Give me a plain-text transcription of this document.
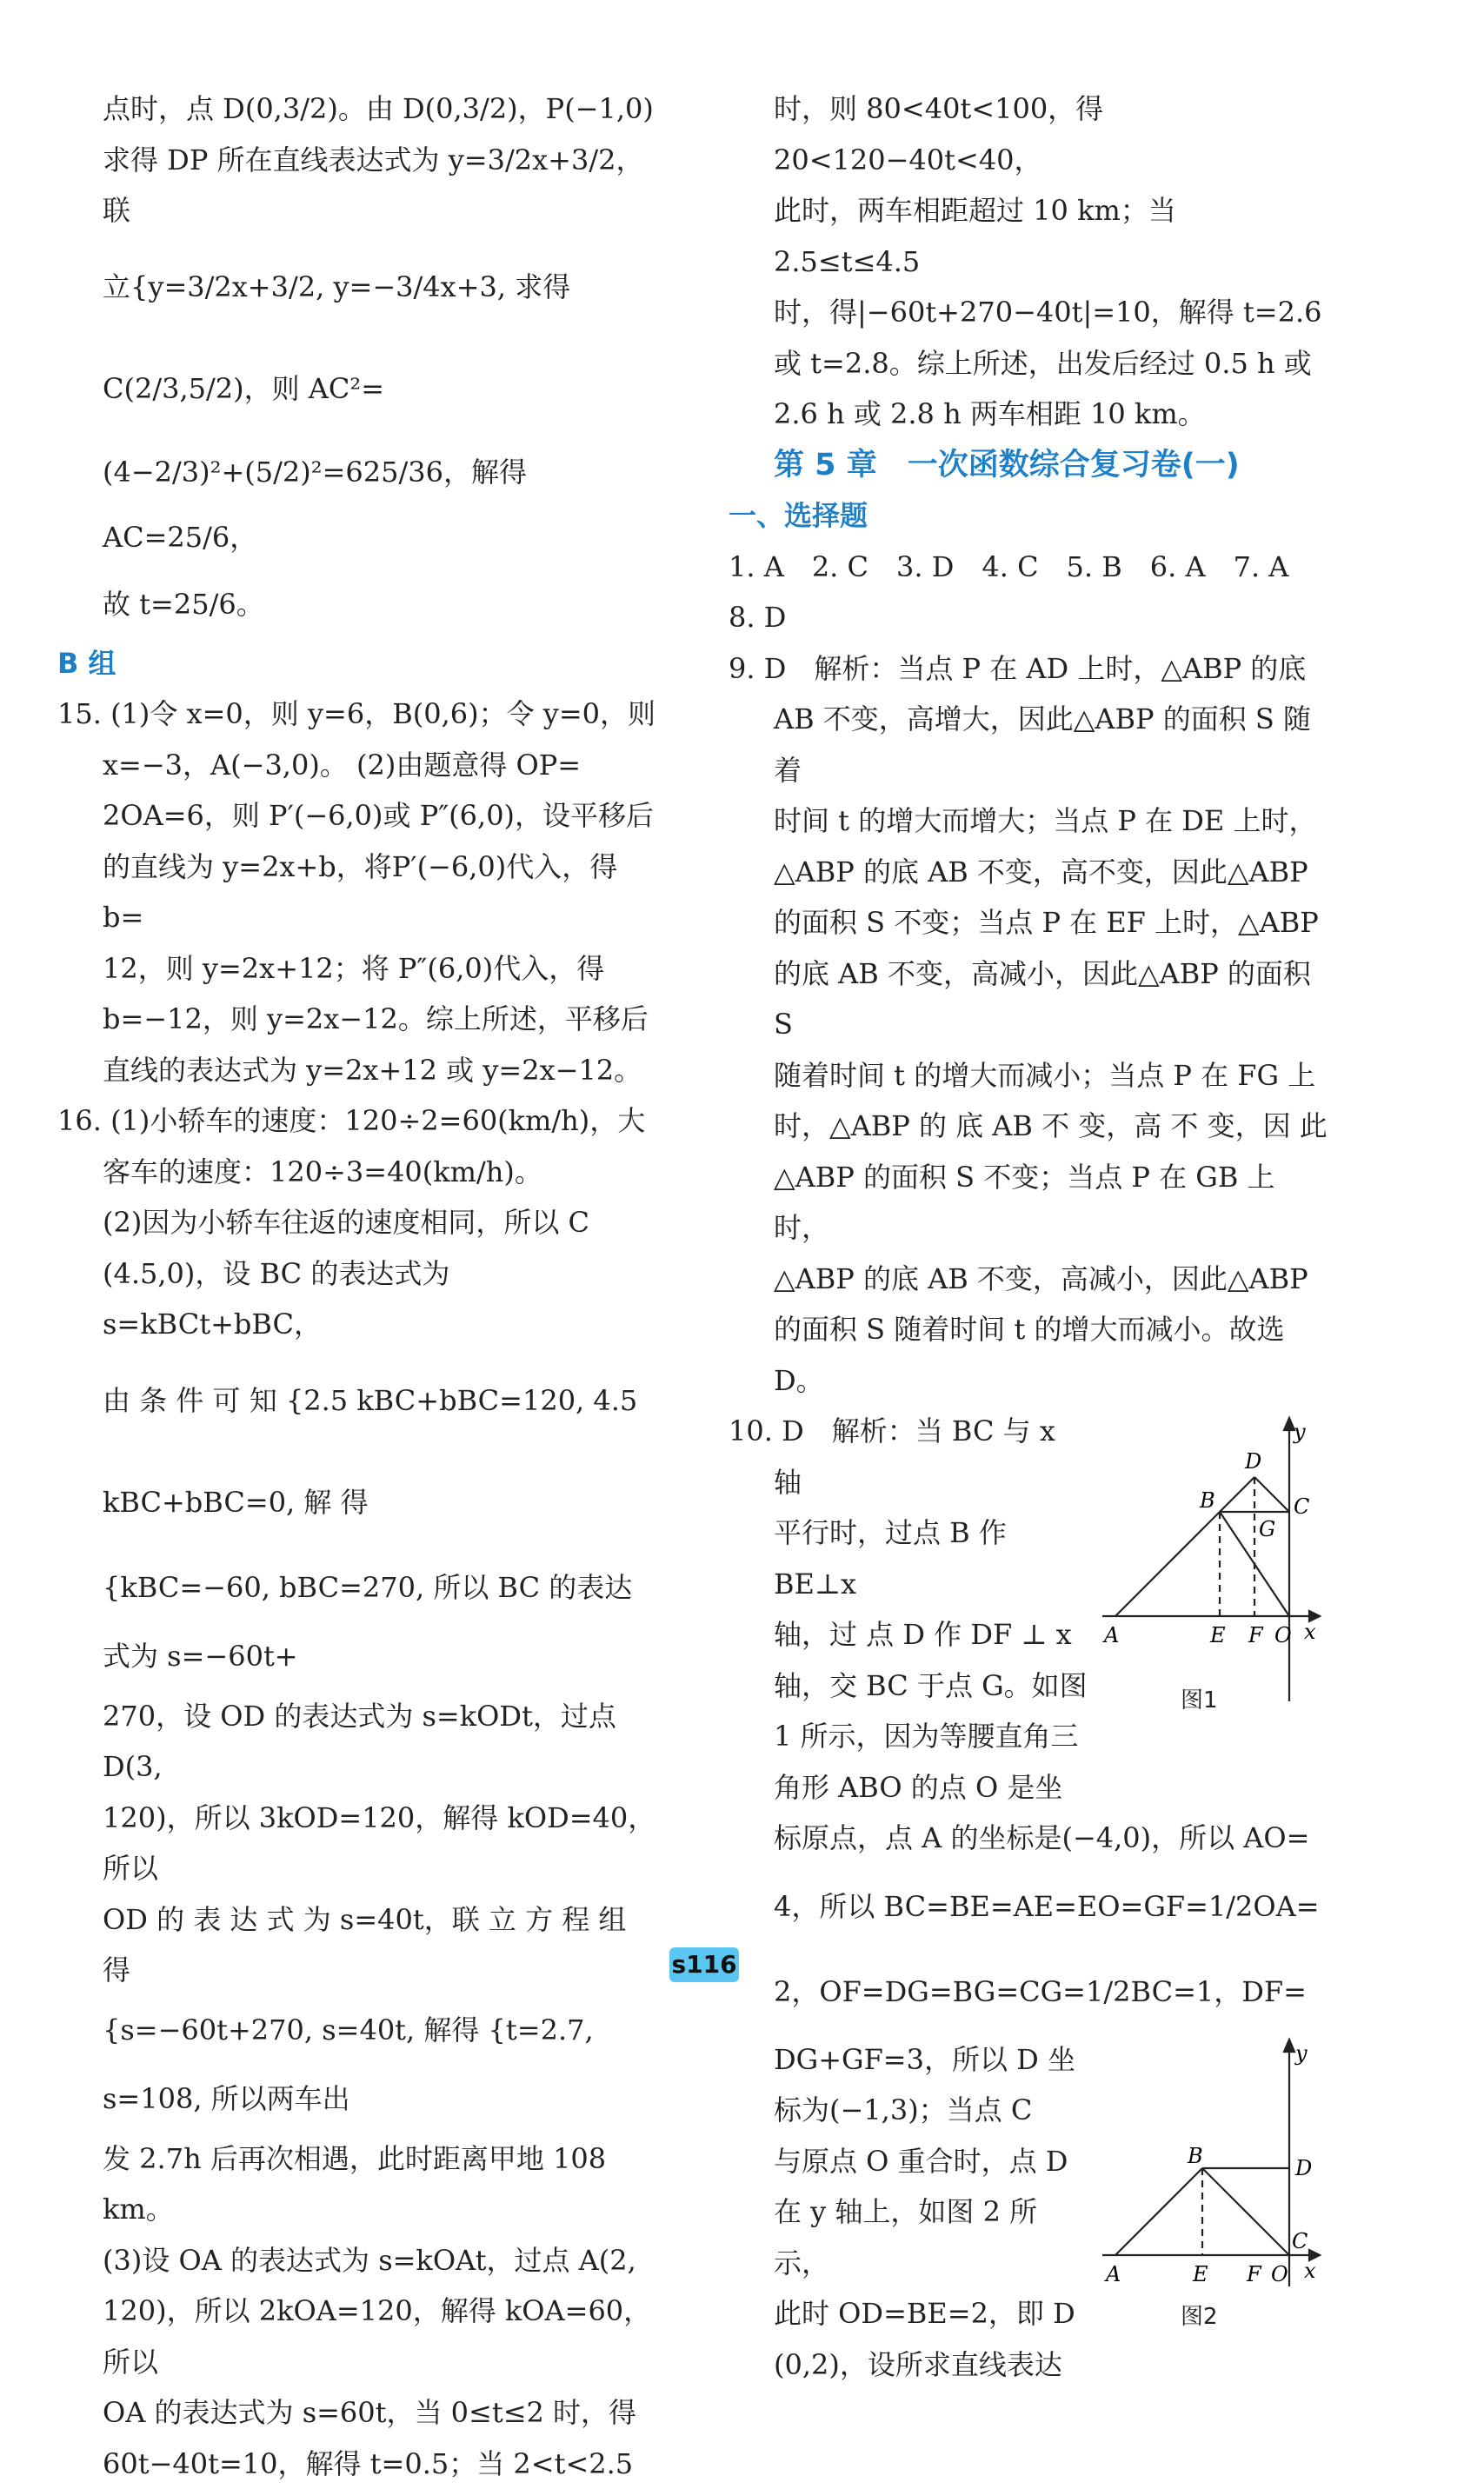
点时，点 D(0,3/2)。由 D(0,3/2)，P(−1,0)

求得 DP 所在直线表达式为 y=3/2x+3/2，联

立{y=3/2x+3/2, y=−3/4x+3, 求得 C(2/3,5/2)，则 AC²=

(4−2/3)²+(5/2)²=625/36，解得 AC=25/6，

故 t=25/6。

B 组

15. (1)令 x=0，则 y=6，B(0,6)；令 y=0，则

x=−3，A(−3,0)。 (2)由题意得 OP=

2OA=6，则 P′(−6,0)或 P″(6,0)，设平移后

的直线为 y=2x+b，将P′(−6,0)代入，得 b=

12，则 y=2x+12；将 P″(6,0)代入，得

b=−12，则 y=2x−12。综上所述，平移后

直线的表达式为 y=2x+12 或 y=2x−12。

16. (1)小轿车的速度：120÷2=60(km/h)，大

客车的速度：120÷3=40(km/h)。

(2)因为小轿车往返的速度相同，所以 C

(4.5,0)，设 BC 的表达式为 s=kBCt+bBC，

由 条 件 可 知 {2.5 kBC+bBC=120, 4.5 kBC+bBC=0, 解 得

{kBC=−60, bBC=270, 所以 BC 的表达式为 s=−60t+

270，设 OD 的表达式为 s=kODt，过点 D(3,

120)，所以 3kOD=120，解得 kOD=40，所以

OD 的 表 达 式 为 s=40t，联 立 方 程 组 得

{s=−60t+270, s=40t, 解得 {t=2.7, s=108, 所以两车出

发 2.7h 后再次相遇，此时距离甲地 108 km。

(3)设 OA 的表达式为 s=kOAt，过点 A(2,

120)，所以 2kOA=120，解得 kOA=60，所以

OA 的表达式为 s=60t，当 0≤t≤2 时，得

60t−40t=10，解得 t=0.5；当 2<t<2.5

时，则 80<40t<100，得 20<120−40t<40，

此时，两车相距超过 10 km；当 2.5≤t≤4.5

时，得|−60t+270−40t|=10，解得 t=2.6

或 t=2.8。综上所述，出发后经过 0.5 h 或

2.6 h 或 2.8 h 两车相距 10 km。

第 5 章　一次函数综合复习卷(一)

一、选择题

1. A　2. C　3. D　4. C　5. B　6. A　7. A　8. D

9. D　解析：当点 P 在 AD 上时，△ABP 的底

AB 不变，高增大，因此△ABP 的面积 S 随着

时间 t 的增大而增大；当点 P 在 DE 上时，

△ABP 的底 AB 不变，高不变，因此△ABP

的面积 S 不变；当点 P 在 EF 上时，△ABP

的底 AB 不变，高减小，因此△ABP 的面积 S

随着时间 t 的增大而减小；当点 P 在 FG 上

时，△ABP 的 底 AB 不 变，高 不 变，因 此

△ABP 的面积 S 不变；当点 P 在 GB 上时，

△ABP 的底 AB 不变，高减小，因此△ABP

的面积 S 随着时间 t 的增大而减小。故选 D。

y
x
A
B	C
D
E F
G
O
图1

10. D　解析：当 BC 与 x 轴

平行时，过点 B 作 BE⊥x

轴，过 点 D 作 DF ⊥ x

轴，交 BC 于点 G。如图

1 所示，因为等腰直角三

角形 ABO 的点 O 是坐

标原点，点 A 的坐标是(−4,0)，所以 AO=

4，所以 BC=BE=AE=EO=GF=1/2OA=

2，OF=DG=BG=CG=1/2BC=1，DF=

y
x
A
B
C
D
E F O
图2

DG+GF=3，所以 D 坐

标为(−1,3)；当点 C

与原点 O 重合时，点 D

在 y 轴上，如图 2 所示，

此时 OD=BE=2，即 D

(0,2)，设所求直线表达

s116
